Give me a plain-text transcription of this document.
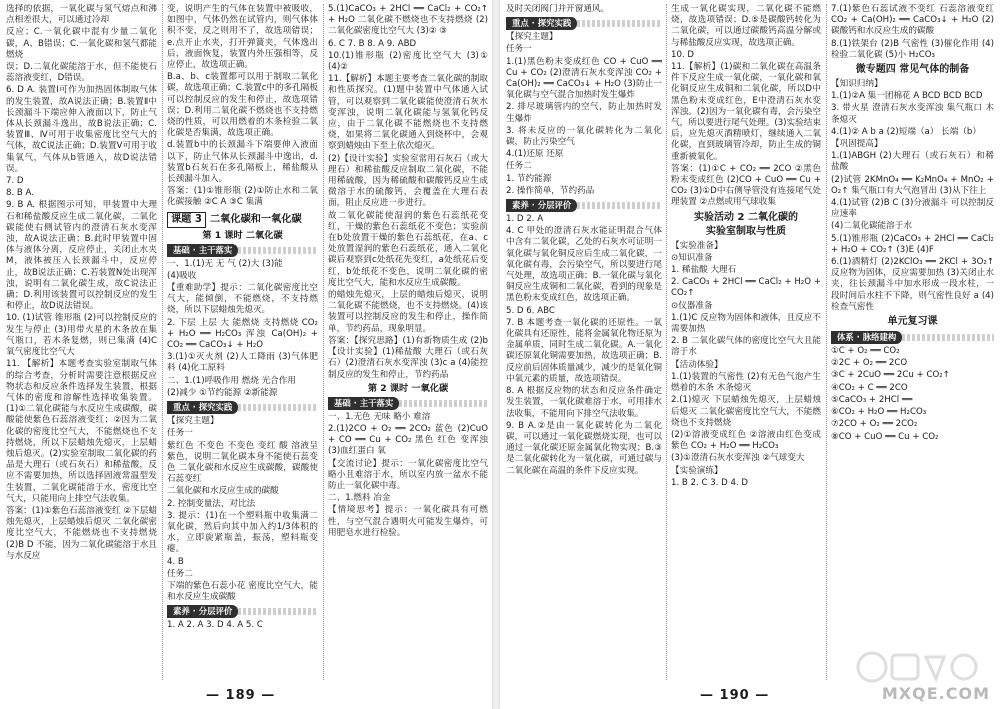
选择的依据，一氧化碳与氢气熔点和沸点相差很大，可以通过冷却

反应；C.一氧化碳中混有少量二氧化碳，A、B错误；C.一氧化碳和氢气都能燃烧

误；D.二氧化碳能溶于水，但不能使石蕊溶液变红，D错误。

6. D A. 装置Ⅰ可作为加热固体制取气体的发生装置，故A说法正确；B.装置Ⅱ中长颈漏斗下端应伸入液面以下，防止气体从长颈漏斗逸出，故B说法正确；C.装置Ⅲ、Ⅳ可用于收集密度比空气大的气体，故C说法正确；D.装置Ⅴ可用于收集氧气，气体从b管通入，故D说法错误。

7. D

8. B A.

9. B A. 根据图示可知，甲装置中大理石和稀盐酸反应生成二氧化碳，二氧化碳能使右侧试管内的澄清石灰水变浑浊，故A说法正确；B.此时甲装置中固体与液体分离，反应停止，关闭止水夹M，液体被压入长颈漏斗中，反应停止，故B说法正确；C.若装置N处出现浑浊，说明有二氧化碳生成，故C说法正确；D.利用该装置可以控制反应的发生和停止，故D说法错误。

10. (1)试管 锥形瓶 (2)可以控制反应的发生与停止 (3)用带火星的木条放在集气瓶口，若木条复燃，则已集满 (4)C 氧气密度比空气大

11. 【解析】本题考查实验室制取气体的综合考查，分析时需要注意根据反应物状态和反应条件选择发生装置，根据气体的密度和溶解性选择收集装置。(1)①二氧化碳能与水反应生成碳酸，碳酸能使紫色石蕊溶液变红；②因为二氧化碳的密度比空气大，不能燃烧也不支持燃烧，所以下层蜡烛先熄灭，上层蜡烛后熄灭。(2)实验室制取二氧化碳的药品是大理石（或石灰石）和稀盐酸，反应不需要加热，所以选择固液常温型发生装置，二氧化碳能溶于水，密度比空气大，只能用向上排空气法收集。

答案：(1)①紫色石蕊溶液变红 ②下层蜡烛先熄灭，上层蜡烛后熄灭 二氧化碳密度比空气大，不能燃烧也不支持燃烧 (2)B D 不能，因为二氧化碳能溶于水且与水反应

变，说明产生的气体在装置中被吸收，如图中，气体仍然在试管内，则气体体积不变，反之则用不了，故选项错误；e.点开止水夹，打开弹簧夹，气体逸出后，液面恢复，装置内外压强相等，反应停止，故选项正确。

B.a、b、c装置都可以用于制取二氧化碳，故选项正确；C.装置c中的多孔隔板可以控制反应的发生和停止，故选项错误；D.利用二氧化碳不燃烧也不支持燃烧的性质，可以用燃着的木条检验二氧化碳是否集满，故选项正确。

d.装置b中的长颈漏斗下端要伸入液面以下，防止气体从长颈漏斗中逸出，d.装置b石灰石在多孔隔板上，稀盐酸从长颈漏斗加入。

答案：(1)①锥形瓶 (2)①防止水和二氧化碳接触 ②C A ③C 集满

课题 3 二氧化碳和一氧化碳
第 1 课时 二氧化碳
基础 · 主干落实

一、1.(1)无 无 气 (2)大 (3)能

(4)吸收

【重难助学】提示：二氧化碳密度比空气大，能倾倒，不能燃烧，不支持燃烧，所以下层蜡烛先熄灭。

2. 下层 上层 大 能燃烧 支持燃烧 CO₂ + H₂O ══ H₂CO₃ 浑浊 Ca(OH)₂ + CO₂ ══ CaCO₃↓ + H₂O

3.(1)①灭火剂 (2)人工降雨 (3)气体肥料 (4)化工原料

二、1.(1)呼吸作用 燃烧 光合作用

(2)减少 ①节约能源 ②新能源

重点 · 探究实践

【探究主题】

任务一

紫红色 不变色 不变色 变红 酸 溶液呈紫色，说明二氧化碳本身不能使石蕊变色 二氧化碳和水反应生成碳酸，碳酸使石蕊变红

二氧化碳和水反应生成的碳酸

2. 控制变量法，对比法

3. 提示：(1)在一个塑料瓶中收集满二氧化碳，然后向其中加入约1/3体积的水，立即旋紧瓶盖，振荡，塑料瓶变瘪。

4. B

任务二

下端的紫色石蕊小花 密度比空气大，能和水反应生成碳酸

素养 · 分层评价

1. A 2. A 3. D 4. A 5. C

5.(1)CaCO₃ + 2HCl ══ CaCl₂ + CO₂↑ + H₂O 二氧化碳不燃烧也不支持燃烧 (2)二氧化碳密度比空气大 (3)② ③

6. C 7. B 8. A 9. ABD

10.(1)锥形瓶 (2)密度比空气大 (3)① (4)②

11.【解析】本题主要考查二氧化碳的制取和性质探究。(1)题中装置中气体通入试管，可以观察到二氧化碳能使澄清石灰水变浑浊，说明二氧化碳能与氢氧化钙反应，由于二氧化碳不能燃烧也不支持燃烧，如果将二氧化碳通入到烧杯中，会观察到蜡烛由下至上依次熄灭。

(2)【设计实验】实验室常用石灰石（或大理石）和稀盐酸反应制取二氧化碳，不能用稀硫酸，因为稀硫酸和碳酸钙反应生成微溶于水的硫酸钙，会覆盖在大理石表面，阻止反应进一步进行。

故二氧化碳能使湿润的紫色石蕊纸花变红，干燥的紫色石蕊纸花不变色；实验前在b处放置干燥的紫色石蕊纸花，在a、c处放置湿润的紫色石蕊纸花，通入二氧化碳后观察到c处纸花先变红，a处纸花后变红，b处纸花不变色，说明二氧化碳的密度比空气大，能和水反应生成碳酸。

的蜡烛先熄灭，上层的蜡烛后熄灭，说明二氧化碳不能燃烧，也不支持燃烧。(4)该装置可以控制反应的发生和停止，操作简单，节约药品，现象明显。

答案：【探究思路】(1)有新物质生成 (2)b 【设计实验】(1)稀盐酸 大理石（或石灰石）(2)澄清石灰水变浑浊 (3)c a (4)能控制反应的发生和停止，节约药品

第 2 课时 一氧化碳
基础 · 主干落实

一、1.无色 无味 略小 难溶

2.(1)2CO + O₂ ══ 2CO₂ 蓝色 (2)CuO + CO ══ Cu + CO₂ 黑色 红色 变浑浊 (3)血红蛋白 氧

【交流讨论】提示：一氧化碳密度比空气略小且难溶于水，所以室内放一盆水不能防止一氧化碳中毒。

二、1.燃料 冶金

【情境思考】提示：一氧化碳具有可燃性，与空气混合遇明火可能发生爆炸，可用肥皂水进行检验。

— 189 —

及时关闭阀门并开窗通风。

重点 · 探究实践

【探究主题】

任务一

1.(1)黑色粉末变成红色 CO + CuO ══ Cu + CO₂ (2)澄清石灰水变浑浊 CO₂ + Ca(OH)₂ ══ CaCO₃↓ + H₂O (3)防止一氧化碳与空气混合加热时发生爆炸

2. 排尽玻璃管内的空气，防止加热时发生爆炸

3. 将未反应的一氧化碳转化为二氧化碳，防止污染空气

4.(1)还原 还原

任务二

1. 节约能源

2. 操作简单，节约药品

素养 · 分层评价

1. D 2. A

4. C 甲处的澄清石灰水能证明混合气体中含有二氧化碳，乙处的石灰水可证明一氧化碳与氧化铜反应后生成二氧化碳，一氧化碳有毒，会污染空气，所以要进行尾气处理，故选项正确；B.一氧化碳与氧化铜反应生成铜和二氧化碳，看到的现象是黑色粉末变成红色，故选项正确。

5. D 6. ABC

7. B 本题考查一氧化碳的还原性。一氧化碳具有还原性，能将金属氧化物还原为金属单质，同时生成二氧化碳。A.一氧化碳还原氧化铜需要加热，故选项正确；B.反应前后固体质量减少，减少的是氧化铜中氧元素的质量，故选项错误。

8. A 根据反应物的状态和反应条件确定发生装置，一氧化碳难溶于水，可用排水法收集，不能用向下排空气法收集。

9. B A.②是由一氧化碳转化为二氧化碳，可以通过一氧化碳燃烧实现，也可以通过一氧化碳还原金属氧化物实现；B.③是二氧化碳转化为一氧化碳，可通过碳与二氧化碳在高温的条件下反应实现。

生成一氧化碳实现，二氧化碳不能燃烧，故选项错误；D.⑤是碳酸钙转化为二氧化碳，可以通过碳酸钙高温分解或与稀盐酸反应实现，故选项正确。

10. D

11.【解析】(1)碳和二氧化碳在高温条件下反应生成一氧化碳，一氧化碳和氧化铜反应生成铜和二氧化碳，所以D中黑色粉末变成红色，E中澄清石灰水变浑浊。(2)因为一氧化碳有毒，会污染空气，所以要进行尾气处理。(3)实验结束后，应先熄灭酒精喷灯，继续通入二氧化碳，直到玻璃管冷却，防止生成的铜重新被氧化。

答案：(1)①C + CO₂ ══ 2CO ②黑色粉末变成红色 (2)CO + CuO ══ Cu + CO₂ (3)①D中右侧导管没有连接尾气处理装置 ②点燃或用气球收集

实验活动 2 二氧化碳的
实验室制取与性质

【实验准备】

⊙知识准备

1. 稀盐酸 大理石

2. CaCO₃ + 2HCl ══ CaCl₂ + H₂O + CO₂↑

⊙仪器准备

1.(1)C 反应物为固体和液体，且反应不需要加热

2. B 二氧化碳气体的密度比空气大且能溶于水

【活动体验】

1.(1)装置的气密性 (2)有无色气泡产生 燃着的木条 木条熄灭

2.(1)熄灭 下层蜡烛先熄灭，上层蜡烛后熄灭 二氧化碳密度比空气大，不能燃烧也不支持燃烧

(2)①溶液变成红色 ②溶液由红色变成紫色 CO₂ + H₂O ══ H₂CO₃

(3)①澄清石灰水变浑浊 ②气球变大

【实验演练】

1. B 2. C 3. D 4. D

7.(1)紫色石蕊试液不变红 石蕊溶液变红 CO₂ + Ca(OH)₂ ══ CaCO₃↓ + H₂O (2)碳酸钙和水反应生成的碳酸

8.(1)铁架台 (2)B 气密性 (3)催化作用 (4)检验二氧化碳 (5)小 H₂CO₃

微专题四 常见气体的制备

【知识归纳】

1.(1)②A 集一团棉花 A BCD BCD BCD

3. 带火星 澄清石灰水变浑浊 集气瓶口 木条熄灭

4.(1)② A b a (2)短端（a） 长端（b）

【巩固提高】

1.(1)ABGH (2)大理石（或石灰石）和稀盐酸

(2)试管 2KMnO₄ ══ K₂MnO₄ + MnO₂ + O₂↑ 集气瓶口有大气泡冒出 (3)从下往上

4.(1)试管 (2)B C (3)分液漏斗 可以控制反应速率

(4)二氧化碳能溶于水

5.(1)锥形瓶 (2)CaCO₃ + 2HCl ══ CaCl₂ + H₂O + CO₂↑ (3)E (4)F

6.(1)酒精灯 (2)2KClO₃ ══ 2KCl + 3O₂↑ 反应物为固体，反应需要加热 (3)关闭止水夹，往长颈漏斗中加水形成一段水柱，一段时间后水柱不下降，则气密性良好 a (4)检查气密性

单元复习课
体系 · 脉络建构

①C + O₂ ══ CO₂

②2C + O₂ ══ 2CO

③C + 2CuO ══ 2Cu + CO₂↑

④CO₂ + C ══ 2CO

⑤CaCO₃ + 2HCl ══

⑥CO₂ + H₂O ══ H₂CO₃

⑦2CO + O₂ ══ 2CO₂

⑧CO + CuO ══ Cu + CO₂

— 190 —	MXQE.COM
